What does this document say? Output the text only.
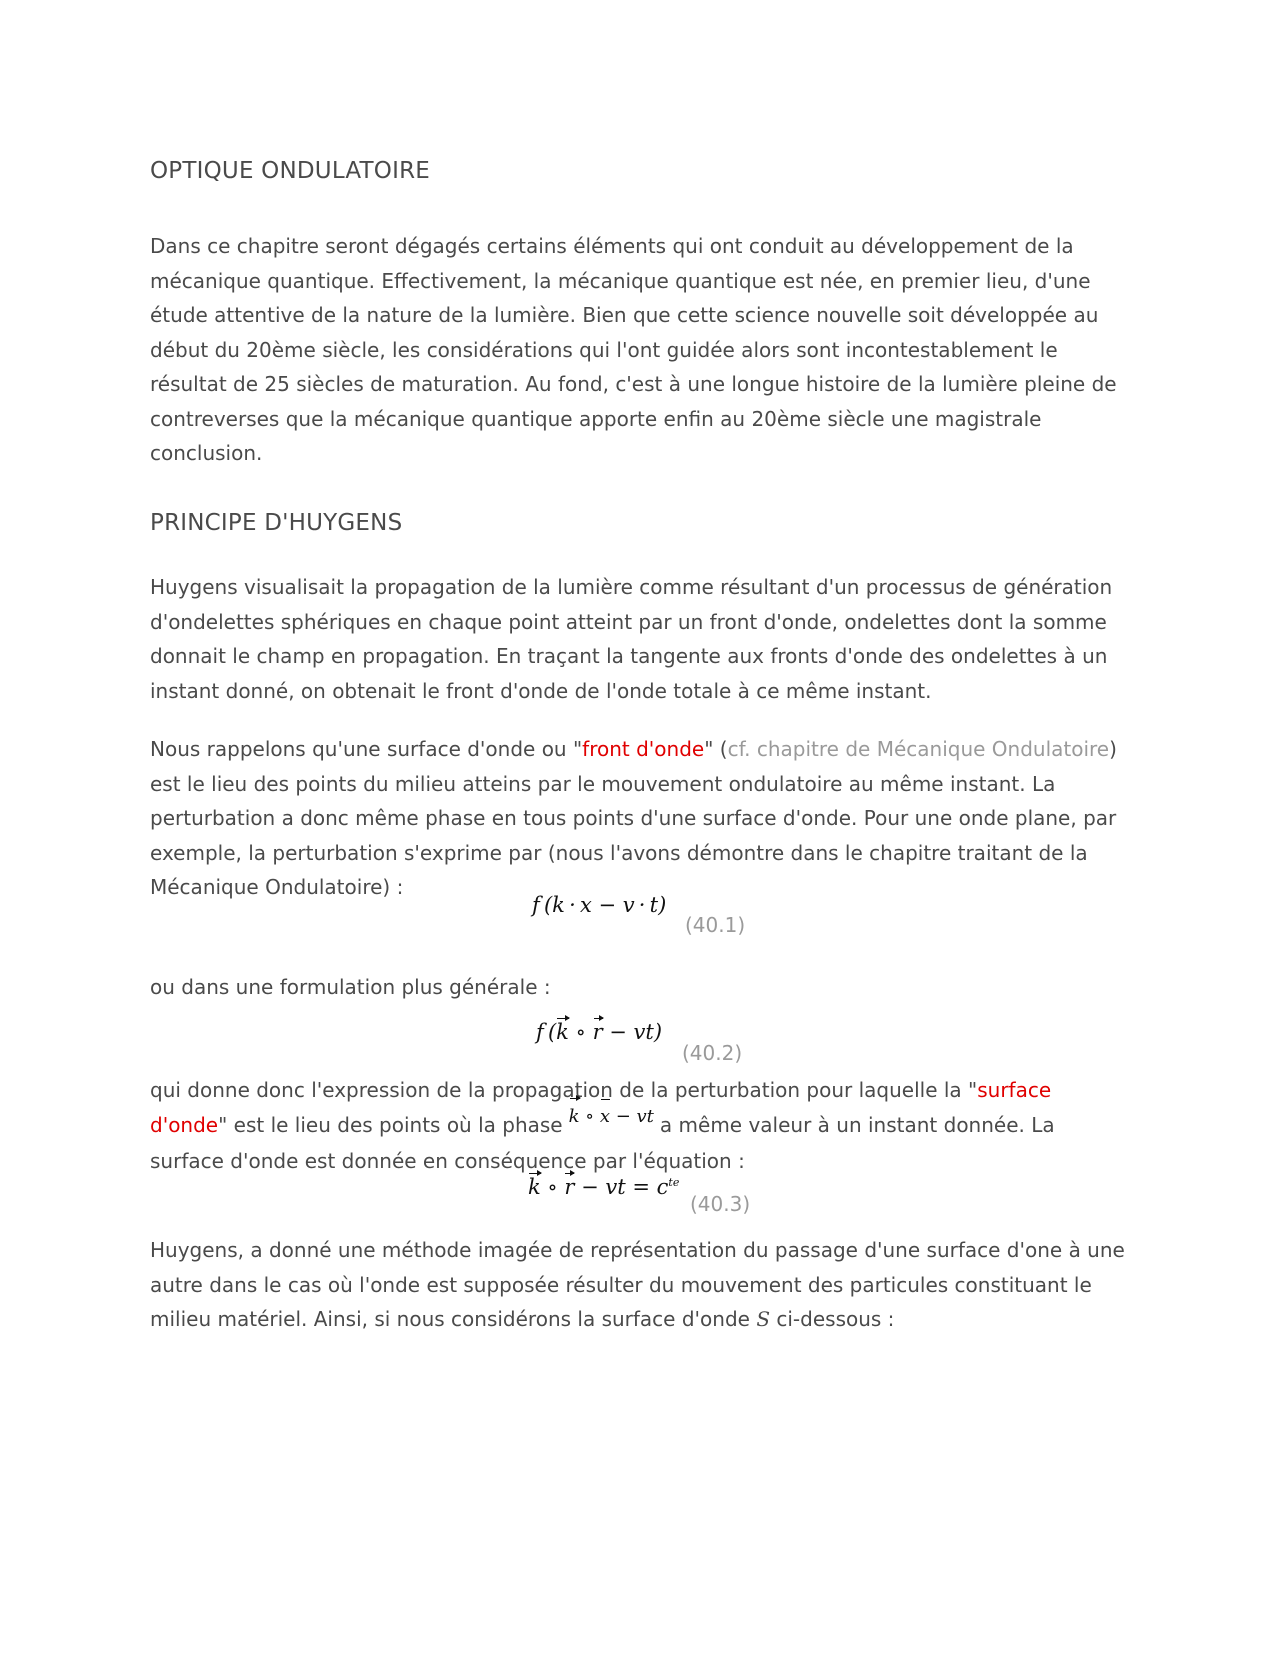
OPTIQUE ONDULATOIRE

Dans ce chapitre seront dégagés certains éléments qui ont conduit au développement de la mécanique quantique. Effectivement, la mécanique quantique est née, en premier lieu, d'une étude attentive de la nature de la lumière. Bien que cette science nouvelle soit développée au début du 20ème siècle, les considérations qui l'ont guidée alors sont incontestablement le résultat de 25 siècles de maturation. Au fond, c'est à une longue histoire de la lumière pleine de contreverses que la mécanique quantique apporte enfin au 20ème siècle une magistrale conclusion.

PRINCIPE D'HUYGENS

Huygens visualisait la propagation de la lumière comme résultant d'un processus de génération d'ondelettes sphériques en chaque point atteint par un front d'onde, ondelettes dont la somme donnait le champ en propagation. En traçant la tangente aux fronts d'onde des ondelettes à un instant donné, on obtenait le front d'onde de l'onde totale à ce même instant.

Nous rappelons qu'une surface d'onde ou "front d'onde" (cf. chapitre de Mécanique Ondulatoire) est le lieu des points du milieu atteins par le mouvement ondulatoire au même instant. La perturbation a donc même phase en tous points d'une surface d'onde. Pour une onde plane, par exemple, la perturbation s'exprime par (nous l'avons démontre dans le chapitre traitant de la Mécanique Ondulatoire) :

f (k · x − v · t)
(40.1)

ou dans une formulation plus générale :

f (k ∘ r − vt)
(40.2)

qui donne donc l'expression de la propagation de la perturbation pour laquelle la "surface d'onde" est le lieu des points où la phase k ∘ x − vt a même valeur à un instant donnée. La surface d'onde est donnée en conséquence par l'équation :

k ∘ r − vt = $c^{te}$
(40.3)

Huygens, a donné une méthode imagée de représentation du passage d'une surface d'one à une autre dans le cas où l'onde est supposée résulter du mouvement des particules constituant le milieu matériel. Ainsi, si nous considérons la surface d'onde S ci-dessous :
